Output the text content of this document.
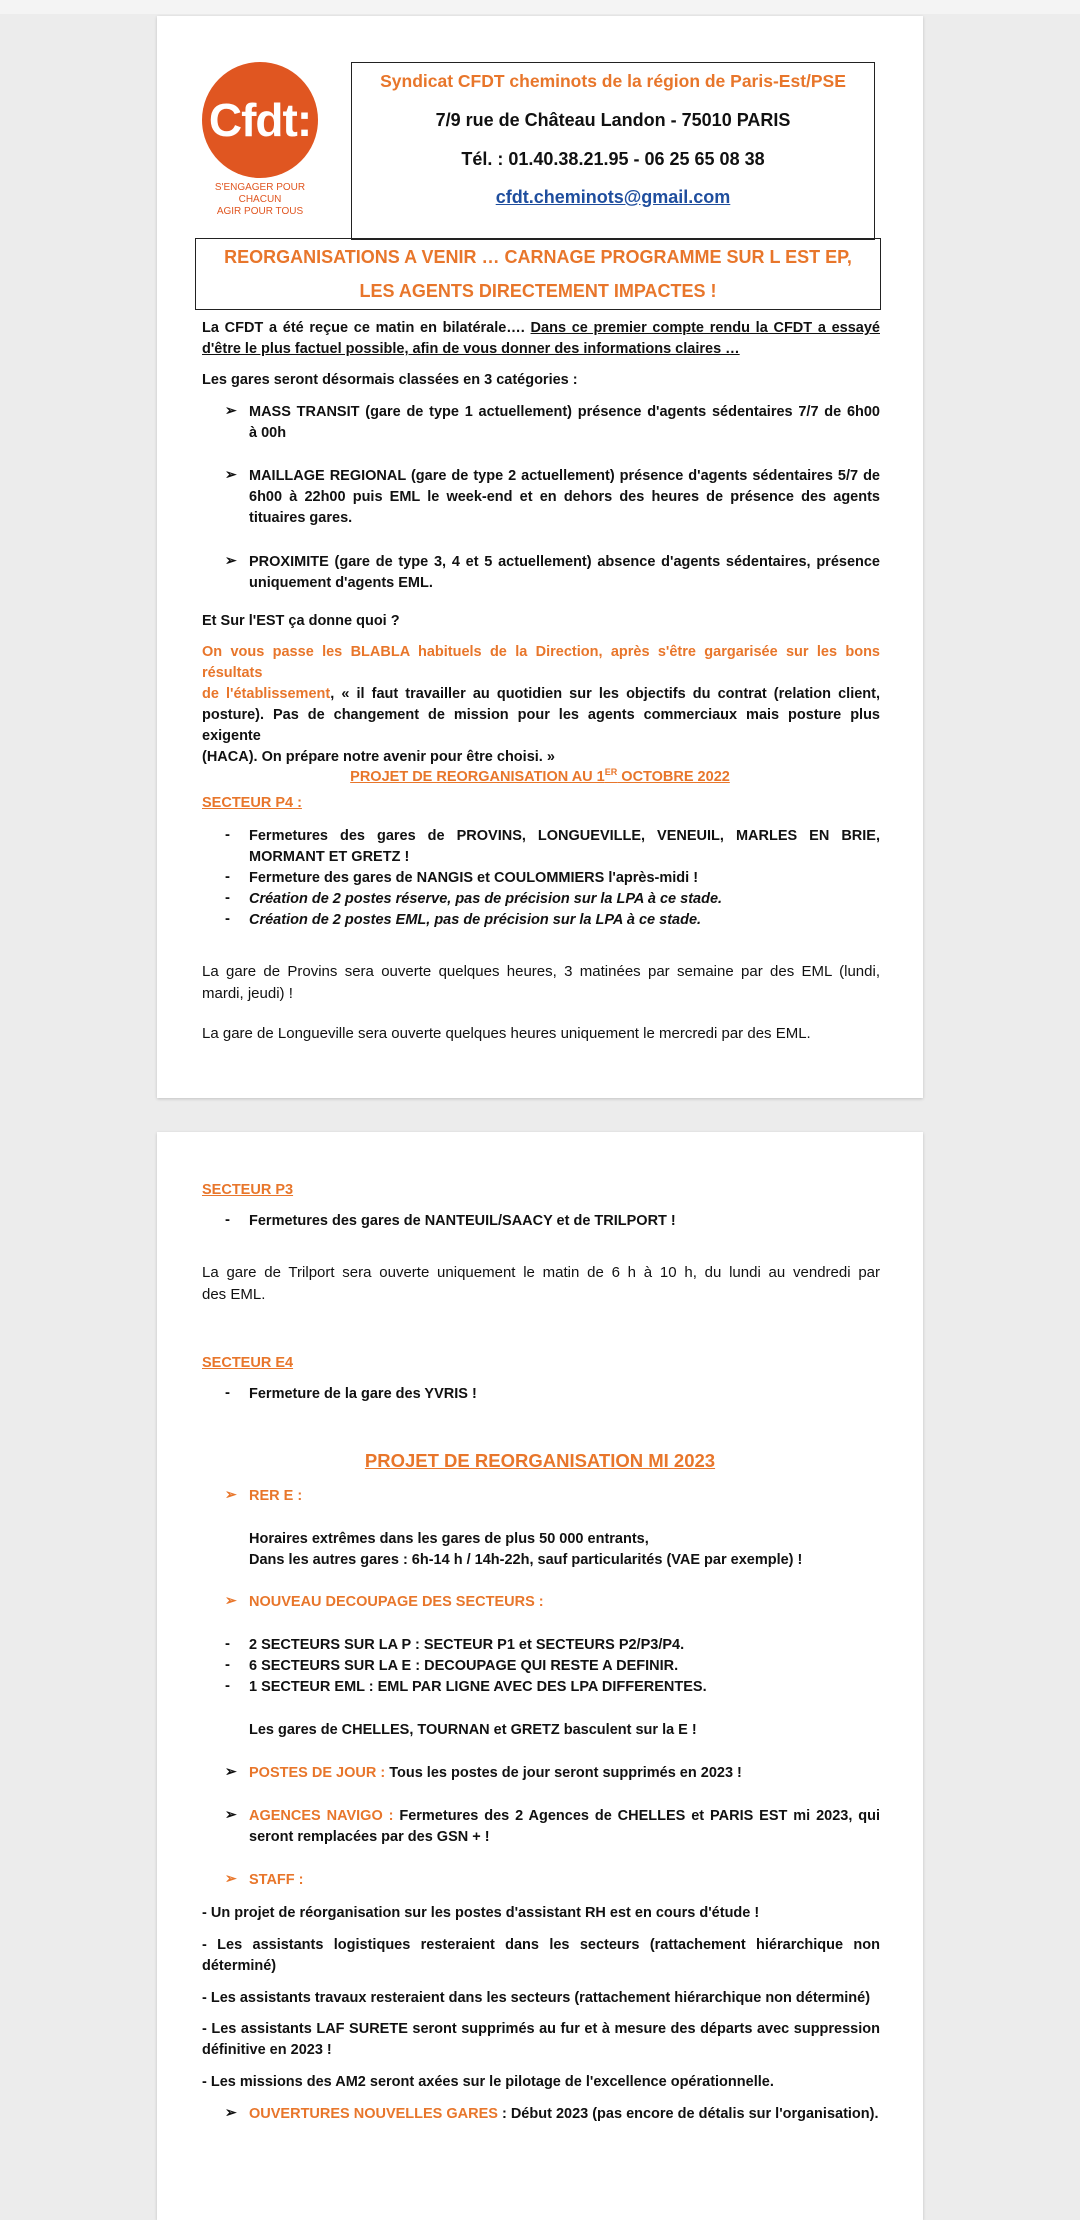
Cfdt:
S'ENGAGER POUR CHACUN
AGIR POUR TOUS
Syndicat CFDT cheminots de la région de Paris-Est/PSE
7/9 rue de Château Landon - 75010 PARIS
Tél. : 01.40.38.21.95 - 06 25 65 08 38
cfdt.cheminots@gmail.com
REORGANISATIONS A VENIR … CARNAGE PROGRAMME SUR L EST EP,
LES AGENTS DIRECTEMENT IMPACTES !
La CFDT a été reçue ce matin en bilatérale…. Dans ce premier compte rendu la CFDT a essayé
d'être le plus factuel possible, afin de vous donner des informations claires …
Les gares seront désormais classées en 3 catégories :
➢ MASS TRANSIT (gare de type 1 actuellement) présence d'agents sédentaires 7/7 de 6h00
à 00h
➢ MAILLAGE REGIONAL (gare de type 2 actuellement) présence d'agents sédentaires 5/7 de
6h00 à 22h00 puis EML le week-end et en dehors des heures de présence des agents
tituaires gares.
➢ PROXIMITE (gare de type 3, 4 et 5 actuellement) absence d'agents sédentaires, présence
uniquement d'agents EML.
Et Sur l'EST ça donne quoi ?
On vous passe les BLABLA habituels de la Direction, après s'être gargarisée sur les bons résultats
de l'établissement, « il faut travailler au quotidien sur les objectifs du contrat (relation client,
posture). Pas de changement de mission pour les agents commerciaux mais posture plus exigente
(HACA). On prépare notre avenir pour être choisi. »
PROJET DE REORGANISATION AU 1ER OCTOBRE 2022
SECTEUR P4 :
- Fermetures des gares de PROVINS, LONGUEVILLE, VENEUIL, MARLES EN BRIE,
MORMANT ET GRETZ !
- Fermeture des gares de NANGIS et COULOMMIERS l'après-midi !
- Création de 2 postes réserve, pas de précision sur la LPA à ce stade.
- Création de 2 postes EML, pas de précision sur la LPA à ce stade.
La gare de Provins sera ouverte quelques heures, 3 matinées par semaine par des EML (lundi,
mardi, jeudi) !
La gare de Longueville sera ouverte quelques heures uniquement le mercredi par des EML.
SECTEUR P3
- Fermetures des gares de NANTEUIL/SAACY et de TRILPORT !
La gare de Trilport sera ouverte uniquement le matin de 6 h à 10 h, du lundi au vendredi par
des EML.
SECTEUR E4
- Fermeture de la gare des YVRIS !
PROJET DE REORGANISATION MI 2023
➢ RER E :
Horaires extrêmes dans les gares de plus 50 000 entrants,
Dans les autres gares : 6h-14 h / 14h-22h, sauf particularités (VAE par exemple) !
➢ NOUVEAU DECOUPAGE DES SECTEURS :
- 2 SECTEURS SUR LA P : SECTEUR P1 et SECTEURS P2/P3/P4.
- 6 SECTEURS SUR LA E : DECOUPAGE QUI RESTE A DEFINIR.
- 1 SECTEUR EML : EML PAR LIGNE AVEC DES LPA DIFFERENTES.
Les gares de CHELLES, TOURNAN et GRETZ basculent sur la E !
➢ POSTES DE JOUR : Tous les postes de jour seront supprimés en 2023 !
➢ AGENCES NAVIGO : Fermetures des 2 Agences de CHELLES et PARIS EST mi 2023, qui
seront remplacées par des GSN + !
➢ STAFF :
- Un projet de réorganisation sur les postes d'assistant RH est en cours d'étude !
- Les assistants logistiques resteraient dans les secteurs (rattachement hiérarchique non
déterminé)
- Les assistants travaux resteraient dans les secteurs (rattachement hiérarchique non déterminé)
- Les assistants LAF SURETE seront supprimés au fur et à mesure des départs avec suppression
définitive en 2023 !
- Les missions des AM2 seront axées sur le pilotage de l'excellence opérationnelle.
➢ OUVERTURES NOUVELLES GARES : Début 2023 (pas encore de détalis sur l'organisation).
